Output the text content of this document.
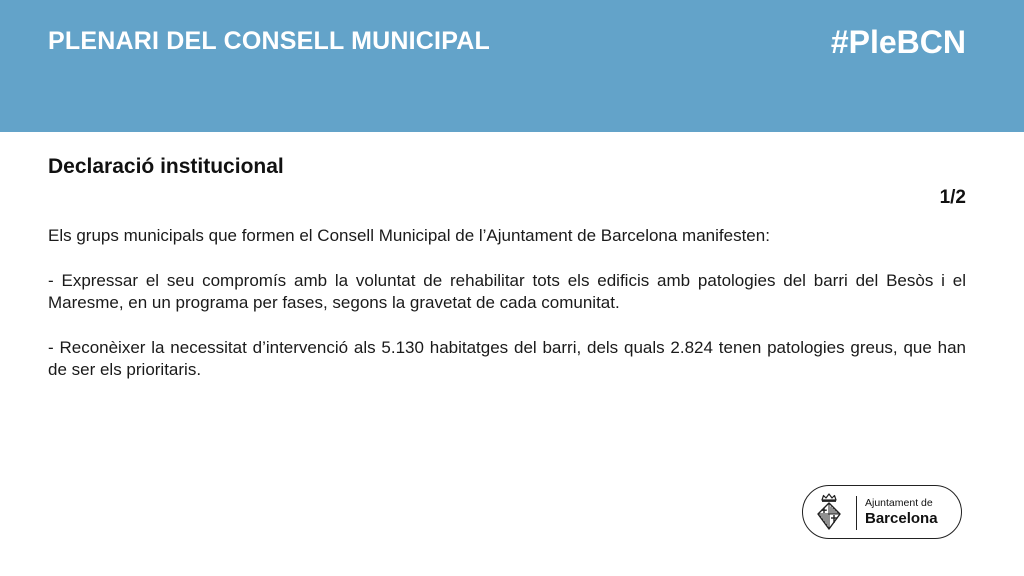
PLENARI DEL CONSELL MUNICIPAL	#PleBCN
Declaració institucional
1/2

Els grups municipals que formen el Consell Municipal de l’Ajuntament de Barcelona manifesten:

- Expressar el seu compromís amb la voluntat de rehabilitar tots els edificis amb patologies del barri del Besòs i el Maresme, en un programa per fases, segons la gravetat de cada comunitat.

- Reconèixer la necessitat d’intervenció als 5.130 habitatges del barri, dels quals 2.824 tenen patologies greus, que han de ser els prioritaris.

Ajuntament de
Barcelona
